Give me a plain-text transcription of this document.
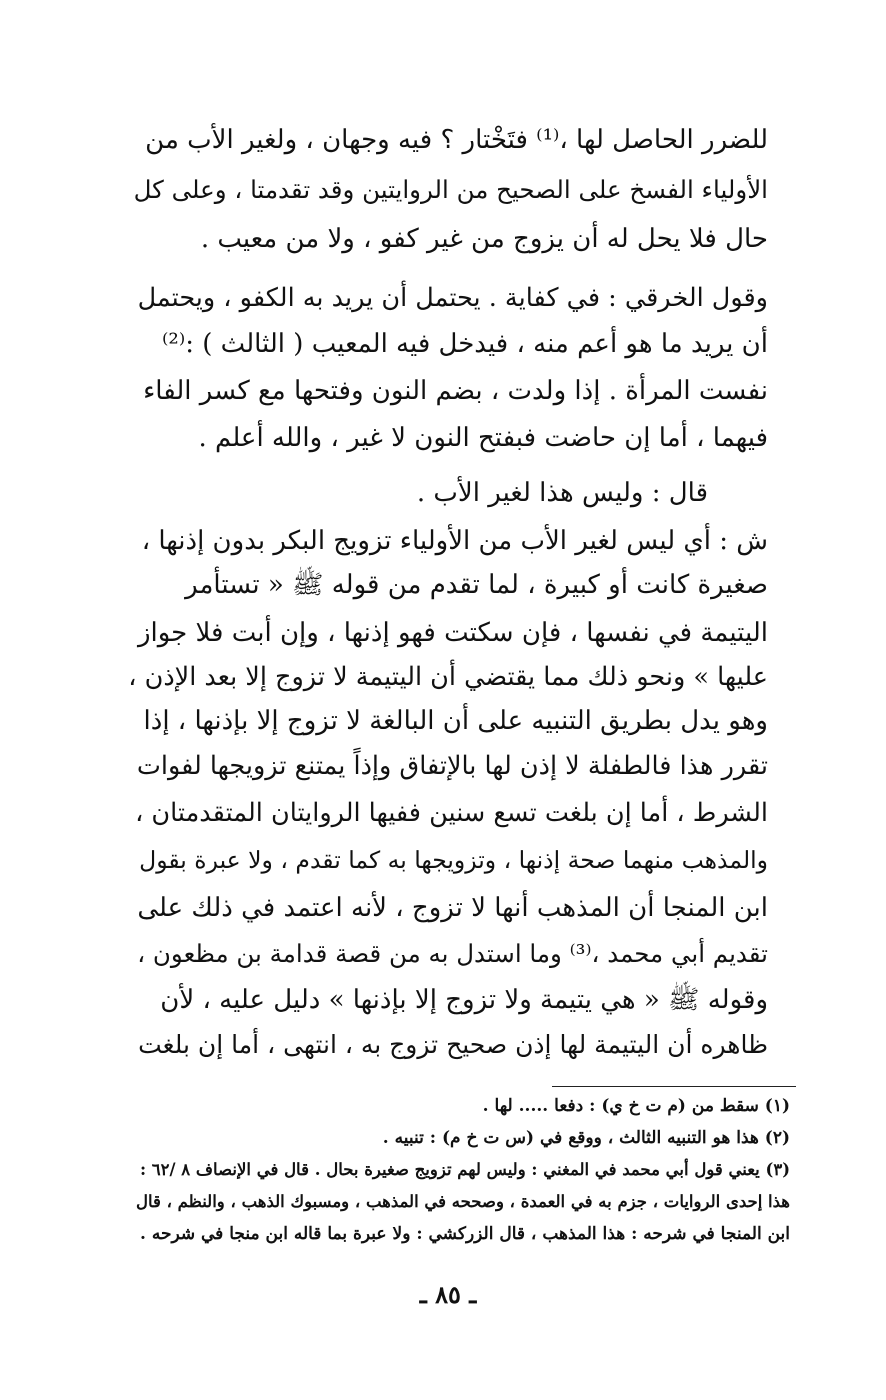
للضرر الحاصل لها ،⁽¹⁾ فتَخْتار ؟ فيه وجهان ، ولغير الأب من
الأولياء الفسخ على الصحيح من الروايتين وقد تقدمتا ، وعلى كل
حال فلا يحل له أن يزوج من غير كفو ، ولا من معيب .
وقول الخرقي : في كفاية . يحتمل أن يريد به الكفو ، ويحتمل
أن يريد ما هو أعم منه ، فيدخل فيه المعيب ( الثالث ) :⁽²⁾
نفست المرأة . إذا ولدت ، بضم النون وفتحها مع كسر الفاء
فيهما ، أما إن حاضت فبفتح النون لا غير ، والله أعلم .
قال : وليس هذا لغير الأب .
ش : أي ليس لغير الأب من الأولياء تزويج البكر بدون إذنها ،
صغيرة كانت أو كبيرة ، لما تقدم من قوله ﷺ « تستأمر
اليتيمة في نفسها ، فإن سكتت فهو إذنها ، وإن أبت فلا جواز
عليها » ونحو ذلك مما يقتضي أن اليتيمة لا تزوج إلا بعد الإذن ،
وهو يدل بطريق التنبيه على أن البالغة لا تزوج إلا بإذنها ، إذا
تقرر هذا فالطفلة لا إذن لها بالإتفاق وإذاً يمتنع تزويجها لفوات
الشرط ، أما إن بلغت تسع سنين ففيها الروايتان المتقدمتان ،
والمذهب منهما صحة إذنها ، وتزويجها به كما تقدم ، ولا عبرة بقول
ابن المنجا أن المذهب أنها لا تزوج ، لأنه اعتمد في ذلك على
تقديم أبي محمد ،⁽³⁾ وما استدل به من قصة قدامة بن مظعون ،
وقوله ﷺ « هي يتيمة ولا تزوج إلا بإذنها » دليل عليه ، لأن
ظاهره أن اليتيمة لها إذن صحيح تزوج به ، انتهى ، أما إن بلغت
(١) سقط من (م ت خ ي) : دفعا ..... لها .
(٢) هذا هو التنبيه الثالث ، ووقع في (س ت خ م) : تنبيه .
(٣) يعني قول أبي محمد في المغني : وليس لهم تزويج صغيرة بحال . قال في الإنصاف ٨ /٦٢ :
هذا إحدى الروايات ، جزم به في العمدة ، وصححه في المذهب ، ومسبوك الذهب ، والنظم ، قال
ابن المنجا في شرحه : هذا المذهب ، قال الزركشي : ولا عبرة بما قاله ابن منجا في شرحه .
ـ ٨٥ ـ
